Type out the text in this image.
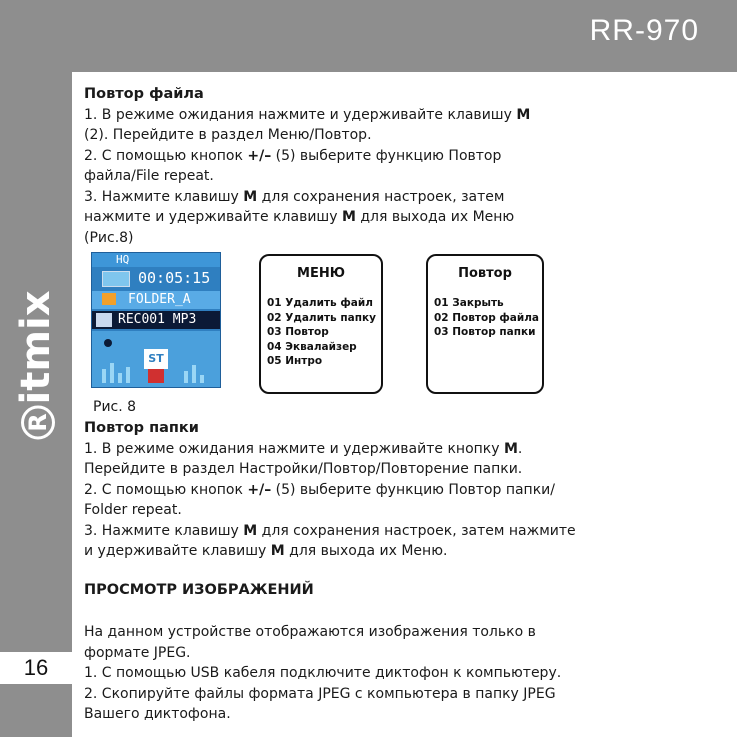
RR-970
Ritmix
16
Повтор файла
1. В режиме ожидания нажмите и удерживайте клавишу М
(2). Перейдите в раздел Меню/Повтор.
2. С помощью кнопок +/– (5) выберите функцию Повтор
файла/File repeat.
3. Нажмите клавишу М для сохранения настроек, затем
нажмите и удерживайте клавишу М для выхода их Меню
(Рис.8)
HQ
00:05:15
FOLDER_A
REC001 MP3
ST
МЕНЮ
01 Удалить файл
02 Удалить папку
03 Повтор
04 Эквалайзер
05 Интро
Повтор
01 Закрыть
02 Повтор файла
03 Повтор папки
Рис. 8
Повтор папки
1. В режиме ожидания нажмите и удерживайте кнопку М.
Перейдите в раздел Настройки/Повтор/Повторение папки.
2. С помощью кнопок +/– (5) выберите функцию Повтор папки/
Folder repeat.
3. Нажмите клавишу М для сохранения настроек, затем нажмите
и удерживайте клавишу М для выхода их Меню.
ПРОСМОТР ИЗОБРАЖЕНИЙ
На данном устройстве отображаются изображения только в
формате JPEG.
1. С помощью USB кабеля подключите диктофон к компьютеру.
2. Скопируйте файлы формата JPEG с компьютера в папку JPEG
Вашего диктофона.
